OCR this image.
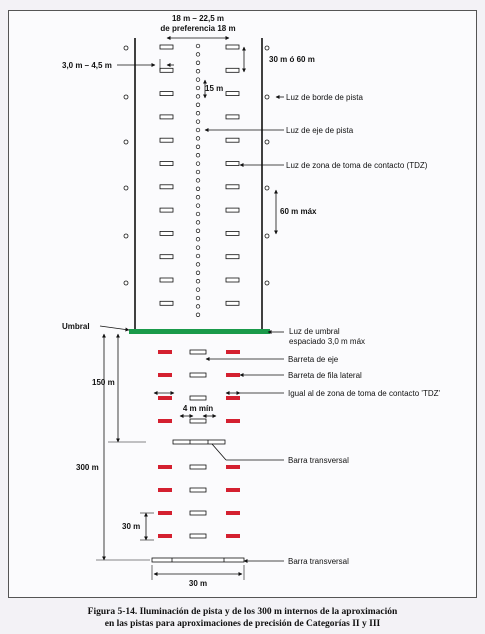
18 m – 22,5 m
de preferencia 18 m
3,0 m – 4,5 m
30 m ó 60 m
15 m
Luz de borde de pista
Luz de eje de pista
Luz de zona de toma de contacto (TDZ)
60 m máx
Umbral
Luz de umbral
espaciado 3,0 m máx
Barreta de eje
Barreta de fila lateral
Igual al de zona de toma de contacto 'TDZ'
4 m mín
Barra transversal
Barra transversal
150 m
300 m
30 m
30 m
Figura 5-14. Iluminación de pista y de los 300 m internos de la aproximación
en las pistas para aproximaciones de precisión de Categorías II y III
